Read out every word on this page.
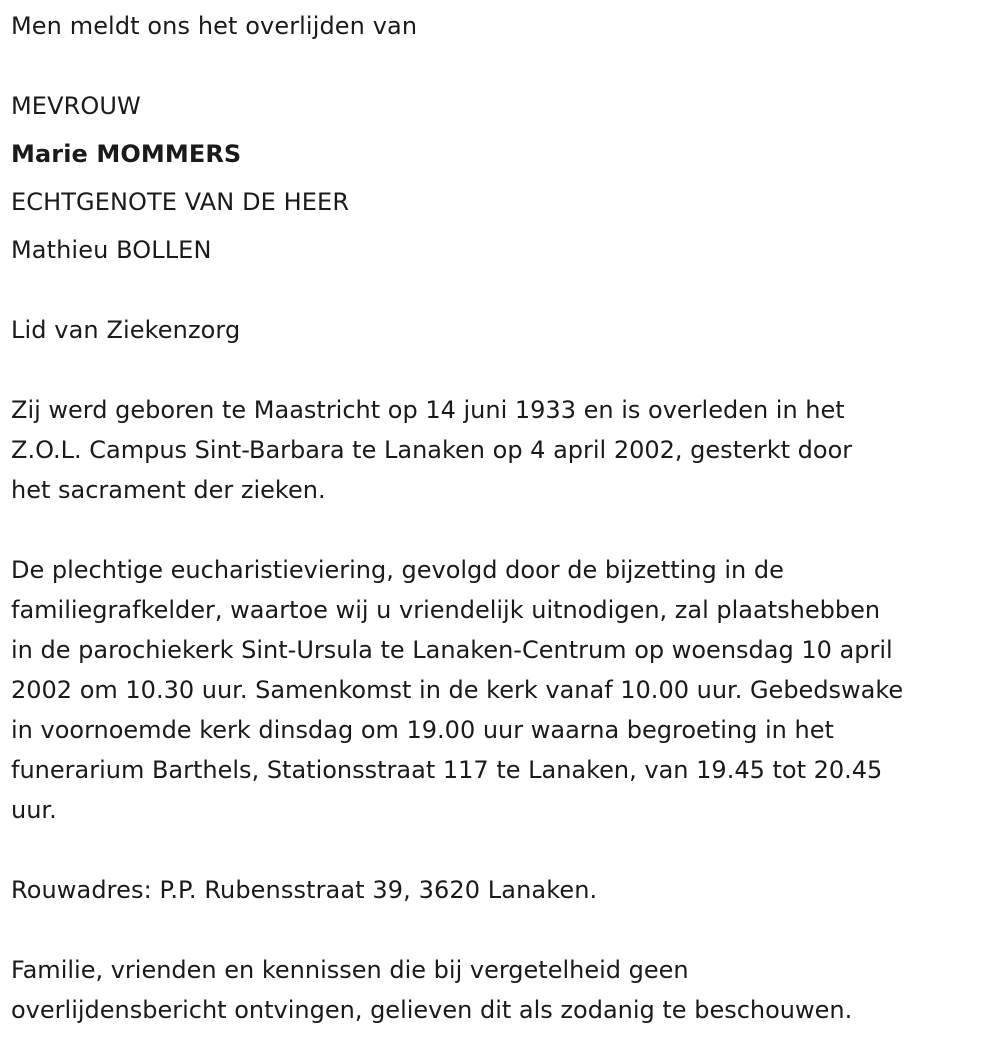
Men meldt ons het overlijden van

MEVROUW

Marie MOMMERS

ECHTGENOTE VAN DE HEER

Mathieu BOLLEN

Lid van Ziekenzorg

Zij werd geboren te Maastricht op 14 juni 1933 en is overleden in het
Z.O.L. Campus Sint-Barbara te Lanaken op 4 april 2002, gesterkt door
het sacrament der zieken.
De plechtige eucharistieviering, gevolgd door de bijzetting in de
familiegrafkelder, waartoe wij u vriendelijk uitnodigen, zal plaatshebben
in de parochiekerk Sint-Ursula te Lanaken-Centrum op woensdag 10 april
2002 om 10.30 uur. Samenkomst in de kerk vanaf 10.00 uur. Gebedswake
in voornoemde kerk dinsdag om 19.00 uur waarna begroeting in het
funerarium Barthels, Stationsstraat 117 te Lanaken, van 19.45 tot 20.45
uur.

Rouwadres: P.P. Rubensstraat 39, 3620 Lanaken.

Familie, vrienden en kennissen die bij vergetelheid geen
overlijdensbericht ontvingen, gelieven dit als zodanig te beschouwen.
